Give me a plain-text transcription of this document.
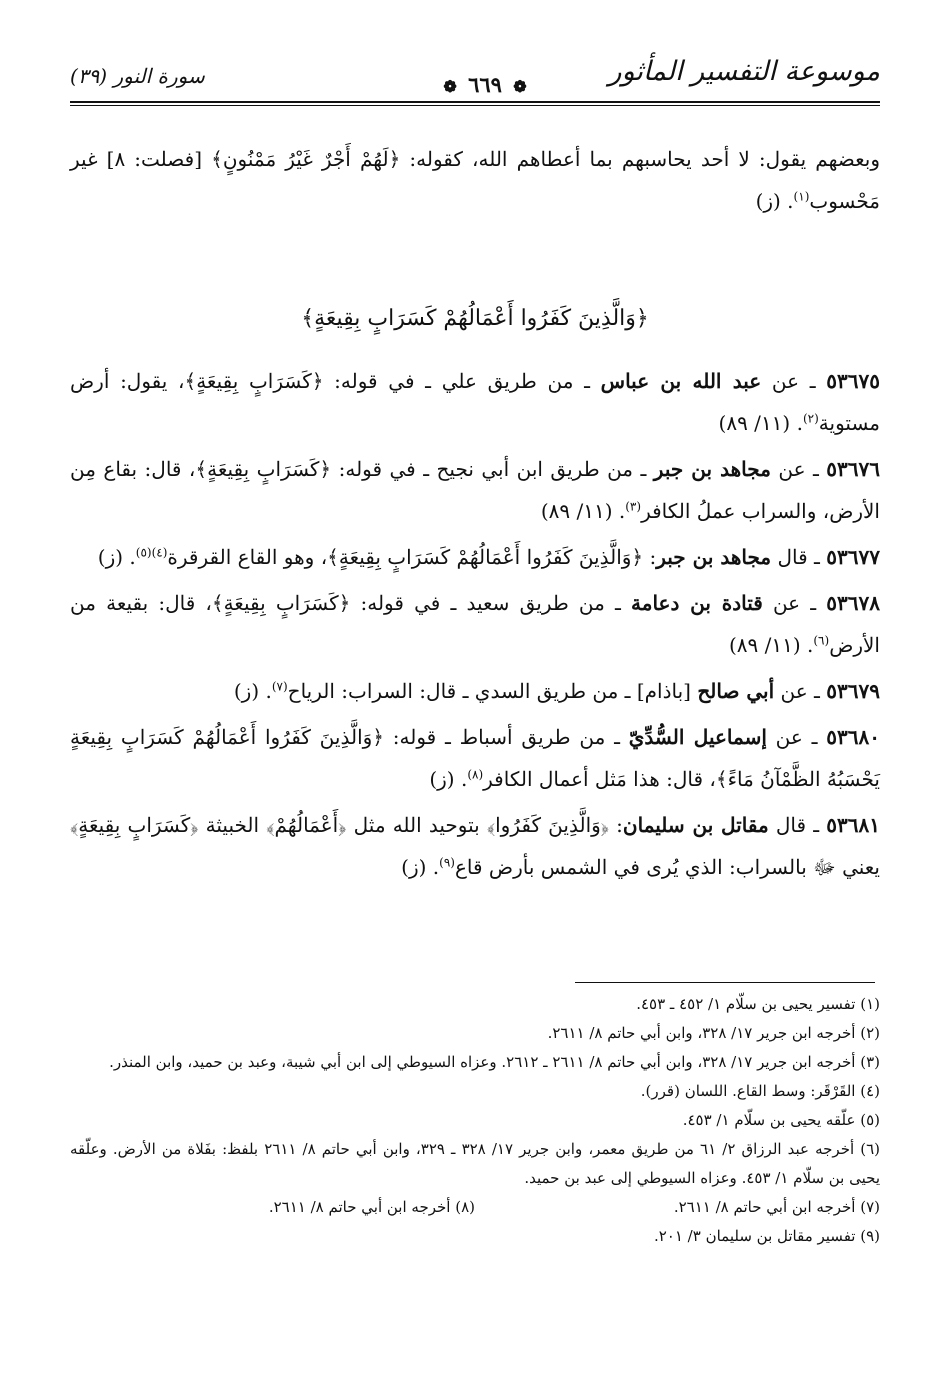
موسوعة التفسير المأثور
❁ ٦٦٩ ❁
سورة النور (٣٩)

وبعضهم يقول: لا أحد يحاسبهم بما أعطاهم الله، كقوله: ﴿لَهُمْ أَجْرٌ غَيْرُ مَمْنُونٍ﴾ [فصلت: ٨] غير مَحْسوب$^{(١)}$. (ز)

﴿وَالَّذِينَ كَفَرُوا أَعْمَالُهُمْ كَسَرَابٍ بِقِيعَةٍ﴾

٥٣٦٧٥ ـ عن عبد الله بن عباس ـ من طريق علي ـ في قوله: ﴿كَسَرَابٍ بِقِيعَةٍ﴾، يقول: أرض مستوية$^{(٢)}$. (١١/ ٨٩)

٥٣٦٧٦ ـ عن مجاهد بن جبر ـ من طريق ابن أبي نجيح ـ في قوله: ﴿كَسَرَابٍ بِقِيعَةٍ﴾، قال: بقاع مِن الأرض، والسراب عملُ الكافر$^{(٣)}$. (١١/ ٨٩)

٥٣٦٧٧ ـ قال مجاهد بن جبر: ﴿وَالَّذِينَ كَفَرُوا أَعْمَالُهُمْ كَسَرَابٍ بِقِيعَةٍ﴾، وهو القاع القرقرة$^{(٤)(٥)}$. (ز)

٥٣٦٧٨ ـ عن قتادة بن دعامة ـ من طريق سعيد ـ في قوله: ﴿كَسَرَابٍ بِقِيعَةٍ﴾، قال: بقيعة من الأرض$^{(٦)}$. (١١/ ٨٩)

٥٣٦٧٩ ـ عن أبي صالح [باذام] ـ من طريق السدي ـ قال: السراب: الرياح$^{(٧)}$. (ز)

٥٣٦٨٠ ـ عن إسماعيل السُّدِّيّ ـ من طريق أسباط ـ قوله: ﴿وَالَّذِينَ كَفَرُوا أَعْمَالُهُمْ كَسَرَابٍ بِقِيعَةٍ يَحْسَبُهُ الظَّمْآنُ مَاءً﴾، قال: هذا مَثل أعمال الكافر$^{(٨)}$. (ز)

٥٣٦٨١ ـ قال مقاتل بن سليمان: ﴿وَالَّذِينَ كَفَرُوا﴾ بتوحيد الله مثل ﴿أَعْمَالُهُمْ﴾ الخبيثة ﴿كَسَرَابٍ بِقِيعَةٍ﴾ يعني ﷻ بالسراب: الذي يُرى في الشمس بأرض قاع$^{(٩)}$. (ز)

(١) تفسير يحيى بن سلّام ١/ ٤٥٢ ـ ٤٥٣.

(٢) أخرجه ابن جرير ١٧/ ٣٢٨، وابن أبي حاتم ٨/ ٢٦١١.

(٣) أخرجه ابن جرير ١٧/ ٣٢٨، وابن أبي حاتم ٨/ ٢٦١١ ـ ٢٦١٢. وعزاه السيوطي إلى ابن أبي شيبة، وعبد بن حميد، وابن المنذر.

(٤) القَرْقَر: وسط القاع. اللسان (قرر).

(٥) علّقه يحيى بن سلّام ١/ ٤٥٣.

(٦) أخرجه عبد الرزاق ٢/ ٦١ من طريق معمر، وابن جرير ١٧/ ٣٢٨ ـ ٣٢٩، وابن أبي حاتم ٨/ ٢٦١١ بلفظ: بفَلاة من الأرض. وعلّقه يحيى بن سلّام ١/ ٤٥٣. وعزاه السيوطي إلى عبد بن حميد.

(٧) أخرجه ابن أبي حاتم ٨/ ٢٦١١.

(٨) أخرجه ابن أبي حاتم ٨/ ٢٦١١.

(٩) تفسير مقاتل بن سليمان ٣/ ٢٠١.
